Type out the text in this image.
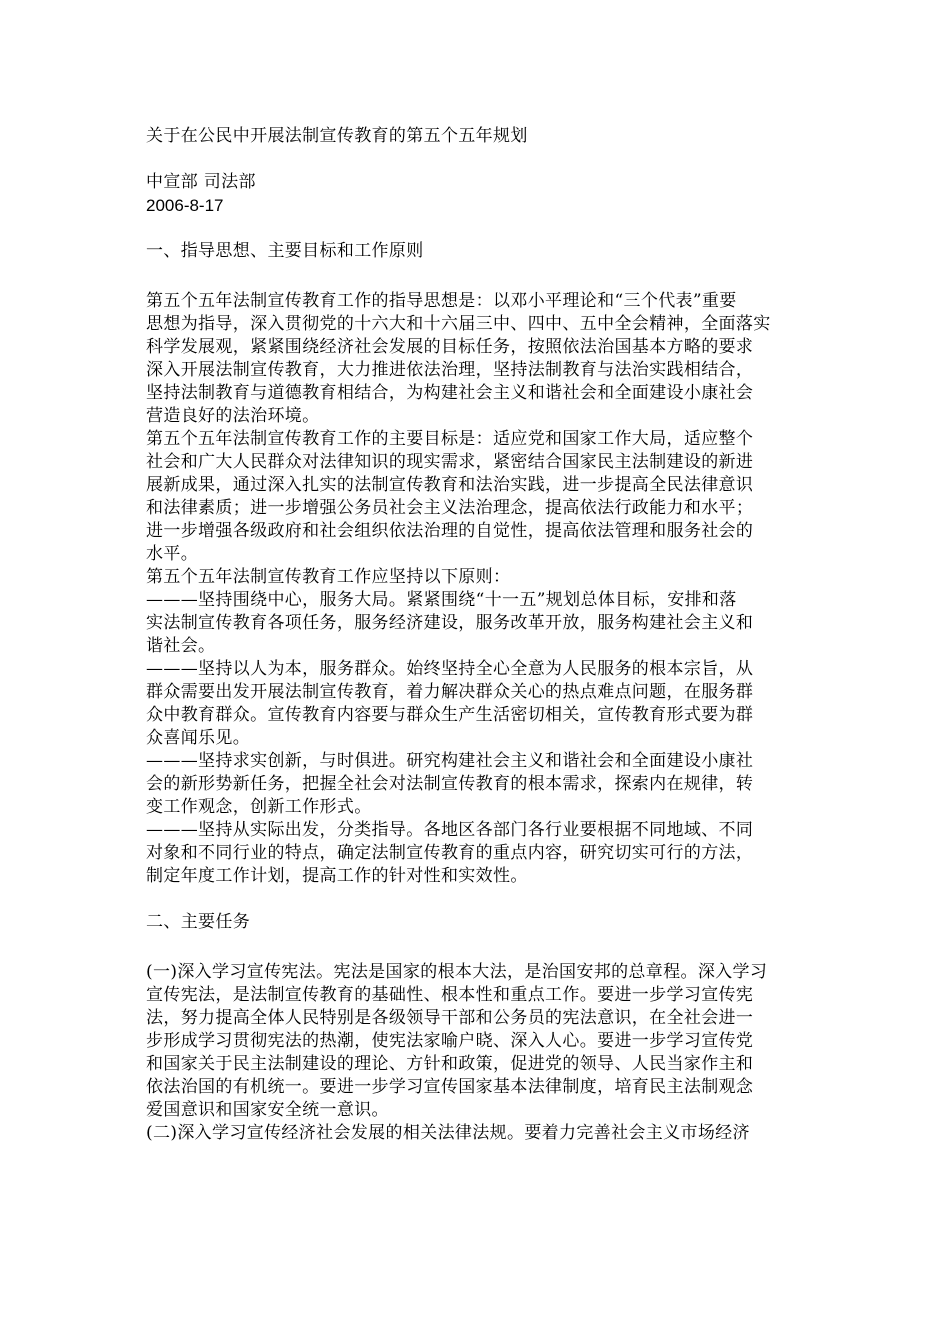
关于在公民中开展法制宣传教育的第五个五年规划
中宣部 司法部
2006-8-17
一、指导思想、主要目标和工作原则
第五个五年法制宣传教育工作的指导思想是：以邓小平理论和“三个代表”重要
思想为指导，深入贯彻党的十六大和十六届三中、四中、五中全会精神，全面落实
科学发展观，紧紧围绕经济社会发展的目标任务，按照依法治国基本方略的要求
深入开展法制宣传教育，大力推进依法治理，坚持法制教育与法治实践相结合，
坚持法制教育与道德教育相结合，为构建社会主义和谐社会和全面建设小康社会
营造良好的法治环境。
第五个五年法制宣传教育工作的主要目标是：适应党和国家工作大局，适应整个
社会和广大人民群众对法律知识的现实需求，紧密结合国家民主法制建设的新进
展新成果，通过深入扎实的法制宣传教育和法治实践，进一步提高全民法律意识
和法律素质；进一步增强公务员社会主义法治理念，提高依法行政能力和水平；
进一步增强各级政府和社会组织依法治理的自觉性，提高依法管理和服务社会的
水平。
第五个五年法制宣传教育工作应坚持以下原则：
———坚持围绕中心，服务大局。紧紧围绕“十一五”规划总体目标，安排和落
实法制宣传教育各项任务，服务经济建设，服务改革开放，服务构建社会主义和
谐社会。
———坚持以人为本，服务群众。始终坚持全心全意为人民服务的根本宗旨，从
群众需要出发开展法制宣传教育，着力解决群众关心的热点难点问题，在服务群
众中教育群众。宣传教育内容要与群众生产生活密切相关，宣传教育形式要为群
众喜闻乐见。
———坚持求实创新，与时俱进。研究构建社会主义和谐社会和全面建设小康社
会的新形势新任务，把握全社会对法制宣传教育的根本需求，探索内在规律，转
变工作观念，创新工作形式。
———坚持从实际出发，分类指导。各地区各部门各行业要根据不同地域、不同
对象和不同行业的特点，确定法制宣传教育的重点内容，研究切实可行的方法，
制定年度工作计划，提高工作的针对性和实效性。
二、主要任务
(一)深入学习宣传宪法。宪法是国家的根本大法，是治国安邦的总章程。深入学习
宣传宪法，是法制宣传教育的基础性、根本性和重点工作。要进一步学习宣传宪
法，努力提高全体人民特别是各级领导干部和公务员的宪法意识，在全社会进一
步形成学习贯彻宪法的热潮，使宪法家喻户晓、深入人心。要进一步学习宣传党
和国家关于民主法制建设的理论、方针和政策，促进党的领导、人民当家作主和
依法治国的有机统一。要进一步学习宣传国家基本法律制度，培育民主法制观念
爱国意识和国家安全统一意识。
(二)深入学习宣传经济社会发展的相关法律法规。要着力完善社会主义市场经济
